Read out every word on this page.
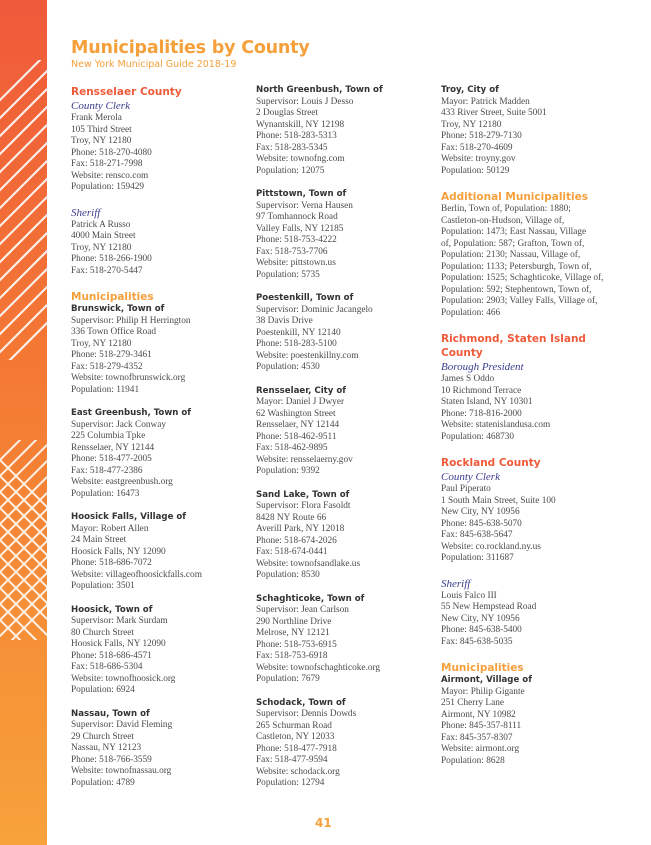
Municipalities by County

New York Municipal Guide 2018-19

Rensselaer County

County Clerk

Frank Merola

105 Third Street

Troy, NY 12180

Phone: 518-270-4080

Fax: 518-271-7998

Website: rensco.com

Population: 159429

Sheriff

Patrick A Russo

4000 Main Street

Troy, NY 12180

Phone: 518-266-1900

Fax: 518-270-5447

Municipalities

Brunswick, Town of

Supervisor: Philip H Herrington

336 Town Office Road

Troy, NY 12180

Phone: 518-279-3461

Fax: 518-279-4352

Website: townofbrunswick.org

Population: 11941

East Greenbush, Town of

Supervisor: Jack Conway

225 Columbia Tpke

Rensselaer, NY 12144

Phone: 518-477-2005

Fax: 518-477-2386

Website: eastgreenbush.org

Population: 16473

Hoosick Falls, Village of

Mayor: Robert Allen

24 Main Street

Hoosick Falls, NY 12090

Phone: 518-686-7072

Website: villageofhoosickfalls.com

Population: 3501

Hoosick, Town of

Supervisor: Mark Surdam

80 Church Street

Hoosick Falls, NY 12090

Phone: 518-686-4571

Fax: 518-686-5304

Website: townofhoosick.org

Population: 6924

Nassau, Town of

Supervisor: David Fleming

29 Church Street

Nassau, NY 12123

Phone: 518-766-3559

Website: townofnassau.org

Population: 4789

North Greenbush, Town of

Supervisor: Louis J Desso

2 Douglas Street

Wynantskill, NY 12198

Phone: 518-283-5313

Fax: 518-283-5345

Website: townofng.com

Population: 12075

Pittstown, Town of

Supervisor: Verna Hausen

97 Tomhannock Road

Valley Falls, NY 12185

Phone: 518-753-4222

Fax: 518-753-7706

Website: pittstown.us

Population: 5735

Poestenkill, Town of

Supervisor: Dominic Jacangelo

38 Davis Drive

Poestenkill, NY 12140

Phone: 518-283-5100

Website: poestenkillny.com

Population: 4530

Rensselaer, City of

Mayor: Daniel J Dwyer

62 Washington Street

Rensselaer, NY 12144

Phone: 518-462-9511

Fax: 518-462-9895

Website: rensselaerny.gov

Population: 9392

Sand Lake, Town of

Supervisor: Flora Fasoldt

8428 NY Route 66

Averill Park, NY 12018

Phone: 518-674-2026

Fax: 518-674-0441

Website: townofsandlake.us

Population: 8530

Schaghticoke, Town of

Supervisor: Jean Carlson

290 Northline Drive

Melrose, NY 12121

Phone: 518-753-6915

Fax: 518-753-6918

Website: townofschaghticoke.org

Population: 7679

Schodack, Town of

Supervisor: Dennis Dowds

265 Schurman Road

Castleton, NY 12033

Phone: 518-477-7918

Fax: 518-477-9594

Website: schodack.org

Population: 12794

Troy, City of

Mayor: Patrick Madden

433 River Street, Suite 5001

Troy, NY 12180

Phone: 518-279-7130

Fax: 518-270-4609

Website: troyny.gov

Population: 50129

Additional Municipalities

Berlin, Town of, Population: 1880;

Castleton-on-Hudson, Village of,

Population: 1473; East Nassau, Village

of, Population: 587; Grafton, Town of,

Population: 2130; Nassau, Village of,

Population: 1133; Petersburgh, Town of,

Population: 1525; Schaghticoke, Village of,

Population: 592; Stephentown, Town of,

Population: 2903; Valley Falls, Village of,

Population: 466

Richmond, Staten Island County

Borough President

James S Oddo

10 Richmond Terrace

Staten Island, NY 10301

Phone: 718-816-2000

Website: statenislandusa.com

Population: 468730

Rockland County

County Clerk

Paul Piperato

1 South Main Street, Suite 100

New City, NY 10956

Phone: 845-638-5070

Fax: 845-638-5647

Website: co.rockland.ny.us

Population: 311687

Sheriff

Louis Falco III

55 New Hempstead Road

New City, NY 10956

Phone: 845-638-5400

Fax: 845-638-5035

Municipalities

Airmont, Village of

Mayor: Philip Gigante

251 Cherry Lane

Airmont, NY 10982

Phone: 845-357-8111

Fax: 845-357-8307

Website: airmont.org

Population: 8628

41
